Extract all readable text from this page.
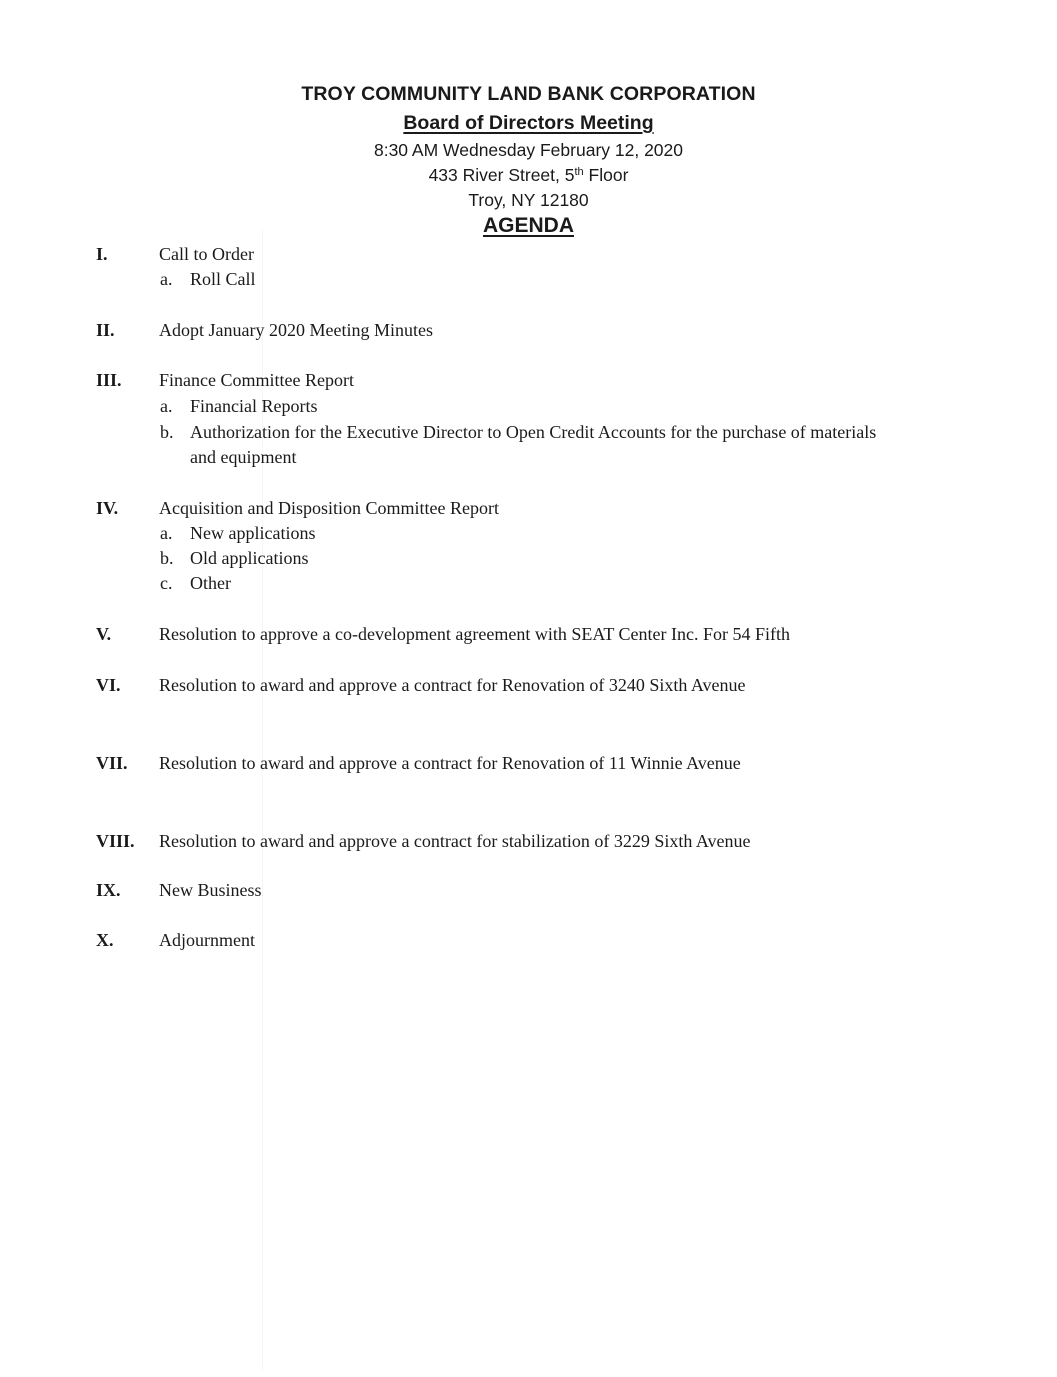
TROY COMMUNITY LAND BANK CORPORATION
Board of Directors Meeting
8:30 AM Wednesday February 12, 2020
433 River Street, 5th Floor
Troy, NY 12180
AGENDA
I.	Call to Order
a. Roll Call
II. Adopt January 2020 Meeting Minutes
III. Finance Committee Report
a. Financial Reports
b. Authorization for the Executive Director to Open Credit Accounts for the purchase of materials
and equipment
IV. Acquisition and Disposition Committee Report
a. New applications
b. Old applications
c. Other
V.	Resolution to approve a co-development agreement with SEAT Center Inc. For 54 Fifth
VI. Resolution to award and approve a contract for Renovation of 3240 Sixth Avenue
VII. Resolution to award and approve a contract for Renovation of 11 Winnie Avenue
VIII. Resolution to award and approve a contract for stabilization of 3229 Sixth Avenue
IX. New Business
X.	Adjournment
